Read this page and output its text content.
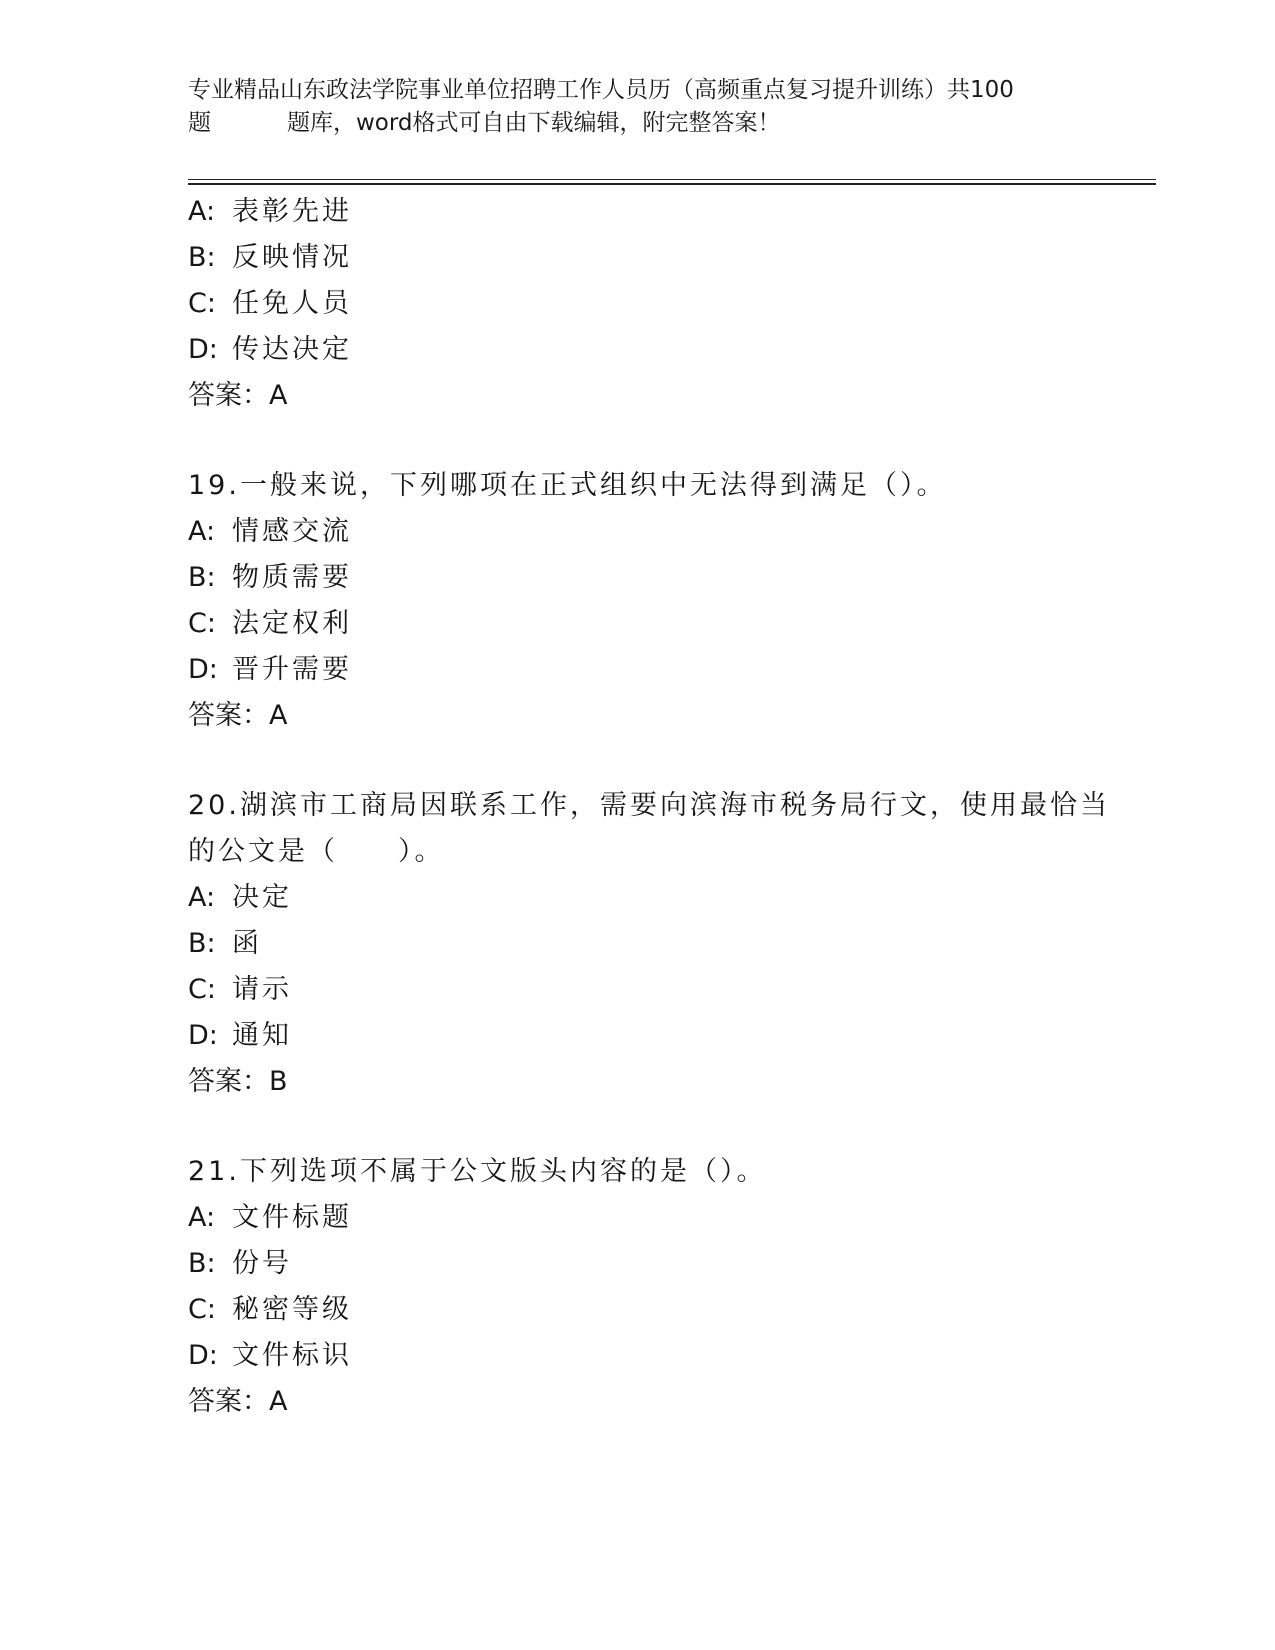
专业精品山东政法学院事业单位招聘工作人员历（高频重点复习提升训练）共100
题	题库，word格式可自由下载编辑，附完整答案！
A: 表彰先进
B: 反映情况
C: 任免人员
D: 传达决定
答案：A
19.一般来说，下列哪项在正式组织中无法得到满足（）。
A: 情感交流
B: 物质需要
C: 法定权利
D: 晋升需要
答案：A
20.湖滨市工商局因联系工作，需要向滨海市税务局行文，使用最恰当
的公文是（　　）。
A: 决定
B: 函
C: 请示
D: 通知
答案：B
21.下列选项不属于公文版头内容的是（）。
A: 文件标题
B: 份号
C: 秘密等级
D: 文件标识
答案：A
